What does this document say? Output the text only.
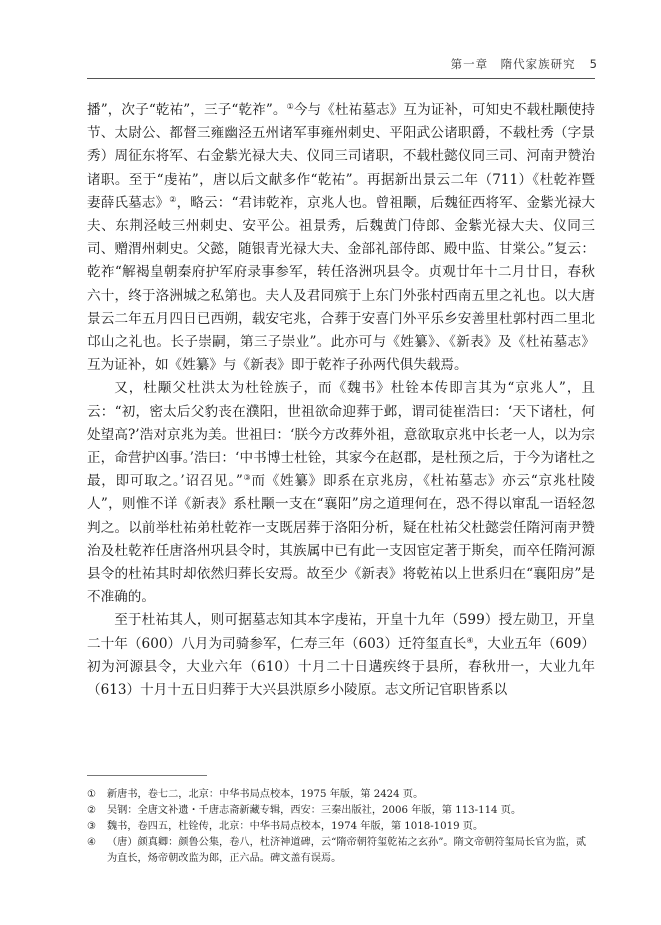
第一章　隋代家族研究 5

播”，次子“乾祐”，三子“乾祚”。①今与《杜祐墓志》互为证补，可知史不载杜颙使持节、太尉公、都督三雍幽泾五州诸军事雍州刺史、平阳武公诸职爵，不载杜秀（字景秀）周征东将军、右金紫光禄大夫、仪同三司诸职，不载杜懿仪同三司、河南尹赞治诸职。至于“虔祐”，唐以后文献多作“乾祐”。再据新出景云二年（711）《杜乾祚暨妻薛氏墓志》②，略云：“君讳乾祚，京兆人也。曾祖颙，后魏征西将军、金紫光禄大夫、东荆泾岐三州刺史、安平公。祖景秀，后魏黄门侍郎、金紫光禄大夫、仪同三司、赠渭州刺史。父懿，随银青光禄大夫、金部礼部侍郎、殿中监、甘棠公。”复云：乾祚“解褐皇朝秦府护军府录事参军，转任洛洲巩县令。贞观廿年十二月廿日，春秋六十，终于洛洲城之私第也。夫人及君同殡于上东门外张村西南五里之礼也。以大唐景云二年五月四日已西朔，载安宅兆，合葬于安喜门外平乐乡安善里杜郭村西二里北邙山之礼也。长子崇嗣，第三子崇业”。此亦可与《姓纂》、《新表》及《杜祐墓志》互为证补，如《姓纂》与《新表》即于乾祚子孙两代俱失载焉。

又，杜颙父杜洪太为杜铨族子，而《魏书》杜铨本传即言其为“京兆人”，且云：“初，密太后父豹丧在濮阳，世祖欲命迎葬于邺，谓司徒崔浩曰：‘天下诸杜，何处望高?’浩对京兆为美。世祖曰：‘朕今方改葬外祖，意欲取京兆中长老一人，以为宗正，命营护凶事。’浩曰：‘中书博士杜铨，其家今在赵郡，是杜预之后，于今为诸杜之最，即可取之。’诏召见。”③而《姓纂》即系在京兆房，《杜祐墓志》亦云“京兆杜陵人”，则惟不详《新表》系杜颙一支在“襄阳”房之道理何在，恐不得以窜乱一语轻忽判之。以前举杜祐弟杜乾祚一支既居葬于洛阳分析，疑在杜祐父杜懿尝任隋河南尹赞治及杜乾祚任唐洛州巩县令时，其族属中已有此一支因宦定著于斯矣，而卒任隋河源县令的杜祐其时却依然归葬长安焉。故至少《新表》将乾祐以上世系归在“襄阳房”是不准确的。

至于杜祐其人，则可据墓志知其本字虔祐，开皇十九年（599）授左勋卫，开皇二十年（600）八月为司骑参军，仁寿三年（603）迁符玺直长④，大业五年（609）初为河源县令，大业六年（610）十月二十日遘疾终于县所，春秋卅一，大业九年（613）十月十五日归葬于大兴县洪原乡小陵原。志文所记官职皆系以

①	新唐书，卷七二，北京：中华书局点校本，1975 年版，第 2424 页。
②	吴钢：全唐文补遗・千唐志斋新藏专辑，西安：三秦出版社，2006 年版，第 113-114 页。
③	魏书，卷四五，杜铨传，北京：中华书局点校本，1974 年版，第 1018-1019 页。
④	（唐）颜真卿：颜鲁公集，卷八，杜济神道碑，云“隋帝朝符玺乾祐之玄孙”。隋文帝朝符玺局长官为监，贰为直长，炀帝朝改监为郎，正六品。碑文盖有误焉。
